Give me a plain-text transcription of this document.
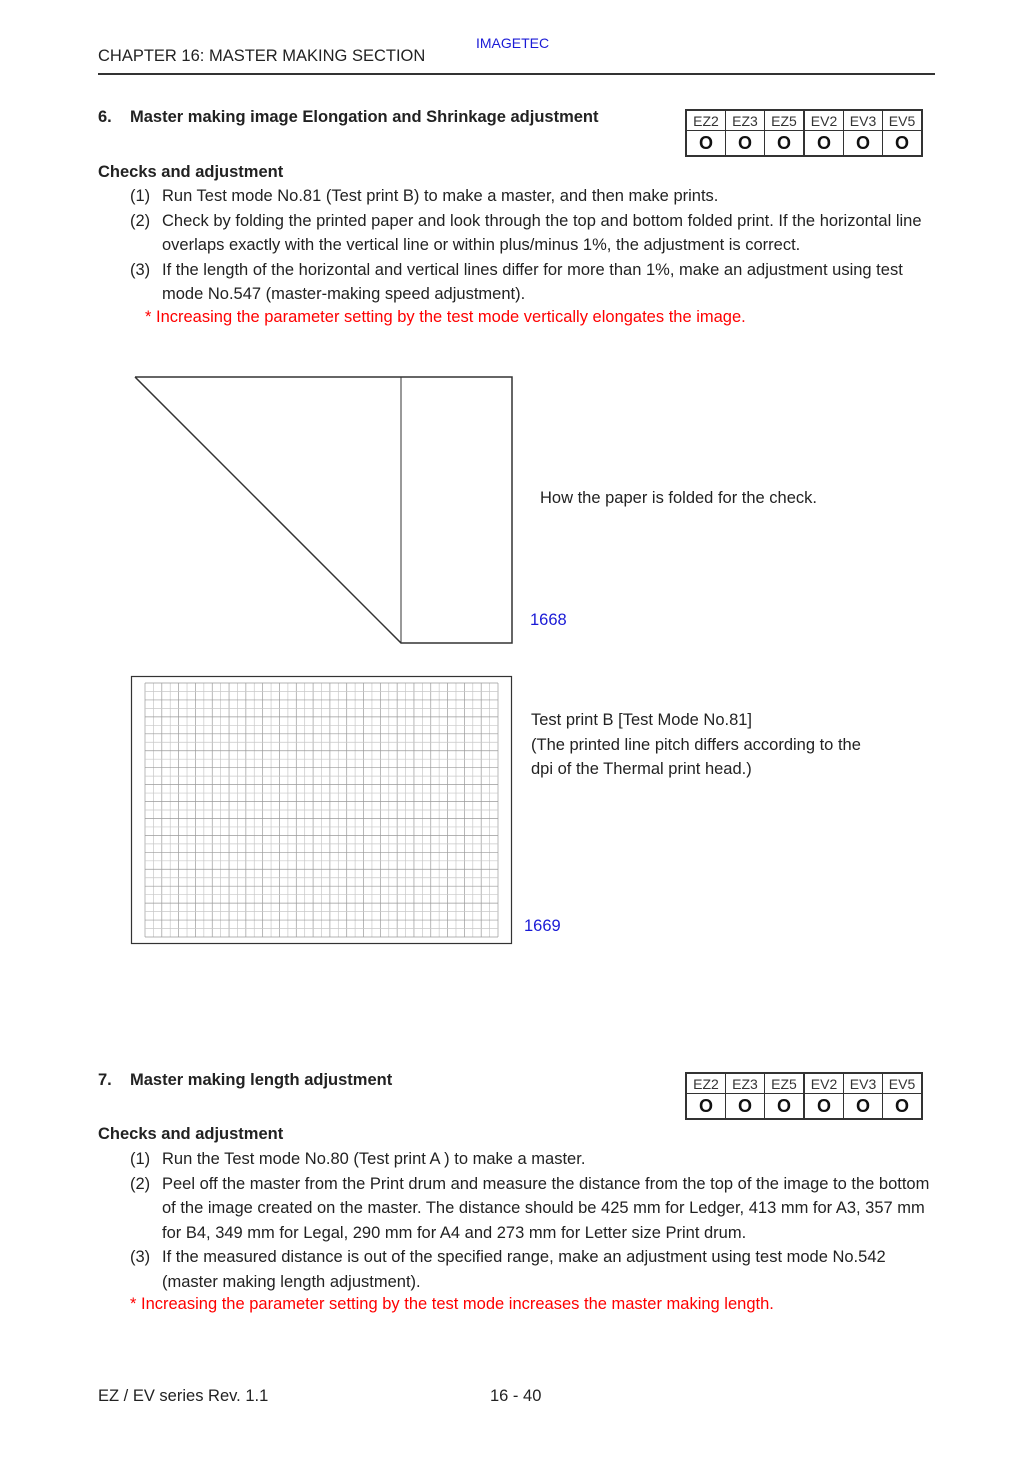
IMAGETEC
CHAPTER 16: MASTER MAKING SECTION
6. Master making image Elongation and Shrinkage adjustment	EZ2	EZ3	EZ5	EV2	EV3	EV5
O	O	O	O	O	O
Checks and adjustment
(1) Run Test mode No.81 (Test print B) to make a master, and then make prints.
(2) Check by folding the printed paper and look through the top and bottom folded print. If the horizontal line overlaps exactly with the vertical line or within plus/minus 1%, the adjustment is correct.
(3) If the length of the horizontal and vertical lines differ for more than 1%, make an adjustment using test mode No.547 (master-making speed adjustment).
* Increasing the parameter setting by the test mode vertically elongates the image.
How the paper is folded for the check.
1668
Test print B [Test Mode No.81]
(The printed line pitch differs according to the
dpi of the Thermal print head.)
1669
7. Master making length adjustment	EZ2	EZ3	EZ5	EV2	EV3	EV5
O	O	O	O	O	O
Checks and adjustment
(1) Run the Test mode No.80 (Test print A ) to make a master.
(2) Peel off the master from the Print drum and measure the distance from the top of the image to the bottom of the image created on the master. The distance should be 425 mm for Ledger, 413 mm for A3, 357 mm for B4, 349 mm for Legal, 290 mm for A4 and 273 mm for Letter size Print drum.
(3) If the measured distance is out of the specified range, make an adjustment using test mode No.542 (master making length adjustment).
* Increasing the parameter setting by the test mode increases the master making length.
EZ / EV series Rev. 1.1	16 - 40
